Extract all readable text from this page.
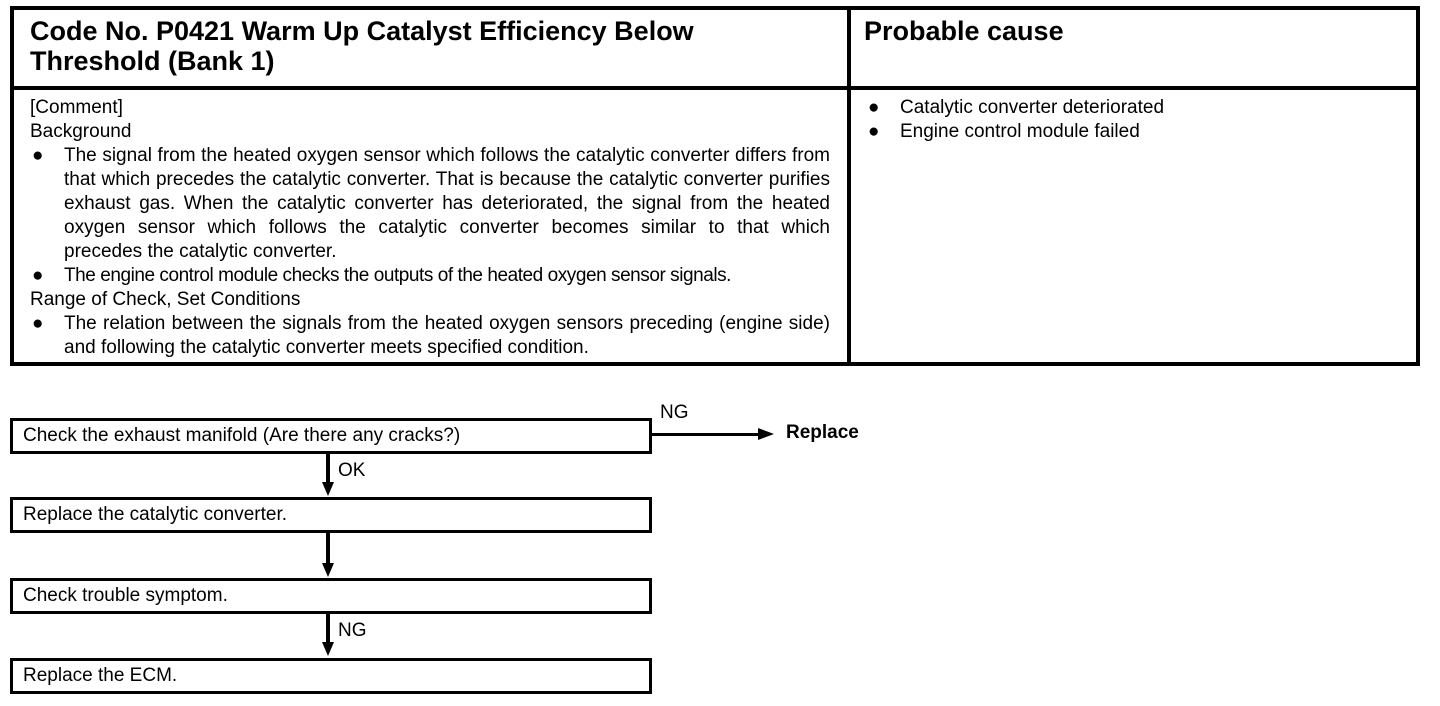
Code No. P0421 Warm Up Catalyst Efficiency Below
Threshold (Bank 1)
Probable cause
[Comment]
Background
● The signal from the heated oxygen sensor which follows the catalytic converter differs from that which precedes the catalytic converter. That is because the catalytic converter purifies exhaust gas. When the catalytic converter has deteriorated, the signal from the heated oxygen sensor which follows the catalytic converter becomes similar to that which precedes the catalytic converter.
● The engine control module checks the outputs of the heated oxygen sensor signals.
Range of Check, Set Conditions
● The relation between the signals from the heated oxygen sensors preceding (engine side) and following the catalytic converter meets specified condition.
● Catalytic converter deteriorated
● Engine control module failed
Check the exhaust manifold (Are there any cracks?)
NG
Replace
OK
Replace the catalytic converter.
Check trouble symptom.
NG
Replace the ECM.
